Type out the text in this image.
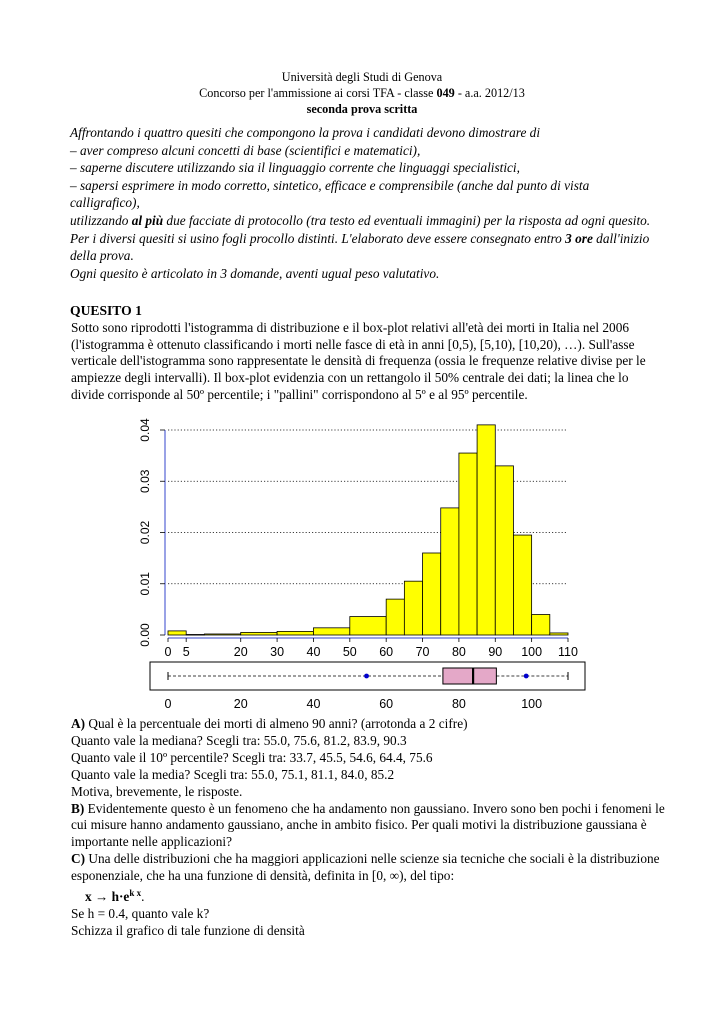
Università degli Studi di Genova
Concorso per l'ammissione ai corsi TFA - classe 049 - a.a. 2012/13
seconda prova scritta

Affrontando i quattro quesiti che compongono la prova i candidati devono dimostrare di

– aver compreso alcuni concetti di base (scientifici e matematici),

– saperne discutere utilizzando sia il linguaggio corrente che linguaggi specialistici,

– sapersi esprimere in modo corretto, sintetico, efficace e comprensibile (anche dal punto di vista calligrafico),

utilizzando al più due facciate di protocollo (tra testo ed eventuali immagini) per la risposta ad ogni quesito.

Per i diversi quesiti si usino fogli procollo distinti. L'elaborato deve essere consegnato entro 3 ore dall'inizio della prova.

Ogni quesito è articolato in 3 domande, aventi ugual peso valutativo.

QUESITO 1
Sotto sono riprodotti l'istogramma di distribuzione e il box-plot relativi all'età dei morti in Italia nel 2006 (l'istogramma è ottenuto classificando i morti nelle fasce di età in anni [0,5), [5,10), [10,20), …). Sull'asse verticale dell'istogramma sono rappresentate le densità di frequenza (ossia le frequenze relative divise per le ampiezze degli intervalli). Il box-plot evidenzia con un rettangolo il 50% centrale dei dati; la linea che lo divide corrisponde al 50º percentile; i "pallini" corrispondono al 5º e al 95º percentile.
0.00
0.01
0.02
0.03
0.04
0 5	20 30 40 50 60 70 80 90 100 110
0	20	40	60	80	100

A) Qual è la percentuale dei morti di almeno 90 anni? (arrotonda a 2 cifre)

Quanto vale la mediana? Scegli tra: 55.0, 75.6, 81.2, 83.9, 90.3

Quanto vale il 10º percentile? Scegli tra: 33.7, 45.5, 54.6, 64.4, 75.6

Quanto vale la media? Scegli tra: 55.0, 75.1, 81.1, 84.0, 85.2

Motiva, brevemente, le risposte.

B) Evidentemente questo è un fenomeno che ha andamento non gaussiano. Invero sono ben pochi i fenomeni le cui misure hanno andamento gaussiano, anche in ambito fisico. Per quali motivi la distribuzione gaussiana è importante nelle applicazioni?

C) Una delle distribuzioni che ha maggiori applicazioni nelle scienze sia tecniche che sociali è la distribuzione esponenziale, che ha una funzione di densità, definita in [0, ∞), del tipo:

$x \to h\cdot e^{k x}$.

Se h = 0.4, quanto vale k?

Schizza il grafico di tale funzione di densità
